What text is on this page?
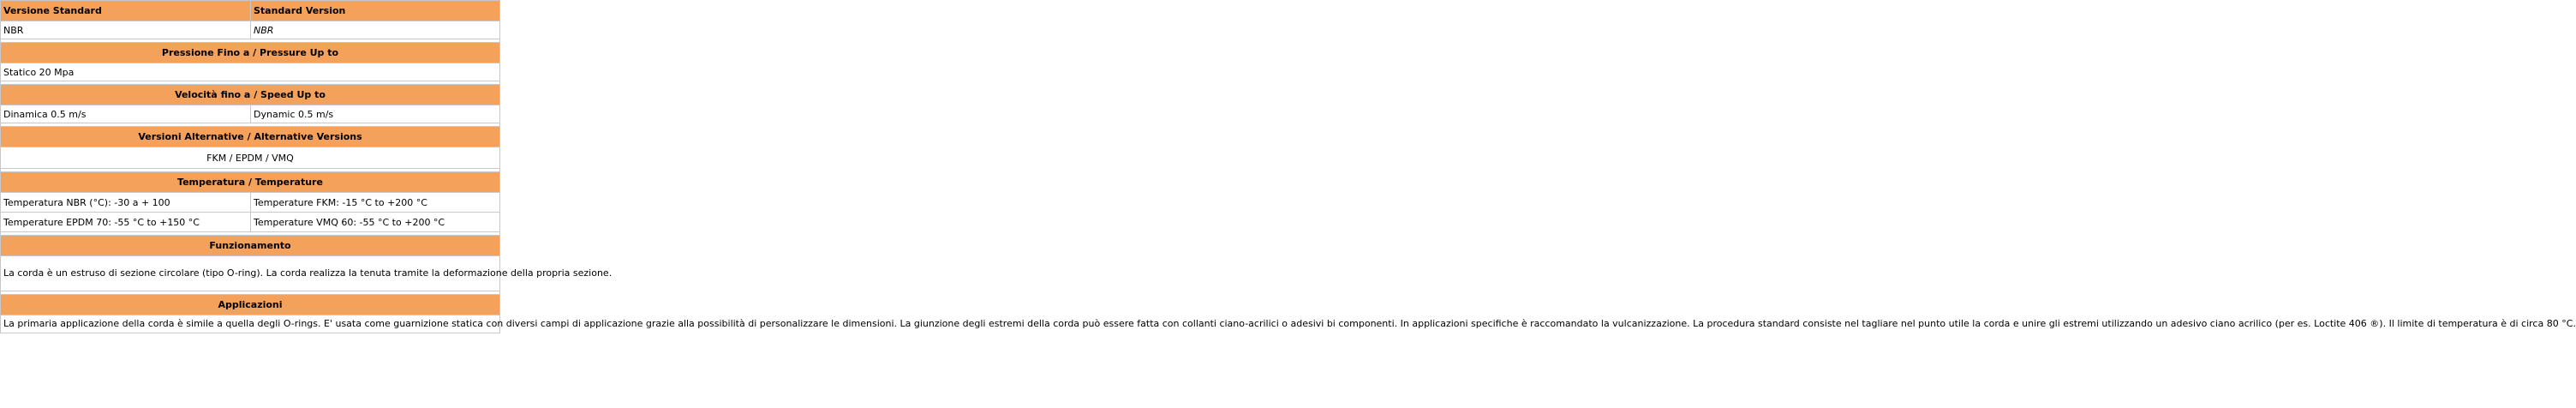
Versione Standard	Standard Version
NBR	NBR

Pressione Fino a / Pressure Up to	
Statico 20 Mpa	

Velocità fino a / Speed Up to	
Dinamica 0.5 m/s	Dynamic 0.5 m/s

Versioni Alternative / Alternative Versions	
FKM / EPDM / VMQ	

Temperatura / Temperature	
Temperatura NBR (°C): -30 a + 100	Temperature FKM: -15 °C to +200 °C
Temperature EPDM 70: -55 °C to +150 °C	Temperature VMQ 60: -55 °C to +200 °C

Funzionamento	
La corda è un estruso di sezione circolare (tipo O-ring). La corda realizza la tenuta tramite la deformazione della propria sezione.	

Applicazioni	
La primaria applicazione della corda è simile a quella degli O-rings. E' usata come guarnizione statica con diversi campi di applicazione grazie alla possibilità di personalizzare le dimensioni. La giunzione degli estremi della corda può essere fatta con collanti ciano-acrilici o adesivi bi componenti. In applicazioni specifiche è raccomandato la vulcanizzazione. La procedura standard consiste nel tagliare nel punto utile la corda e unire gli estremi utilizzando un adesivo ciano acrilico (per es. Loctite 406 ®). Il limite di temperatura è di circa 80 °C.	
